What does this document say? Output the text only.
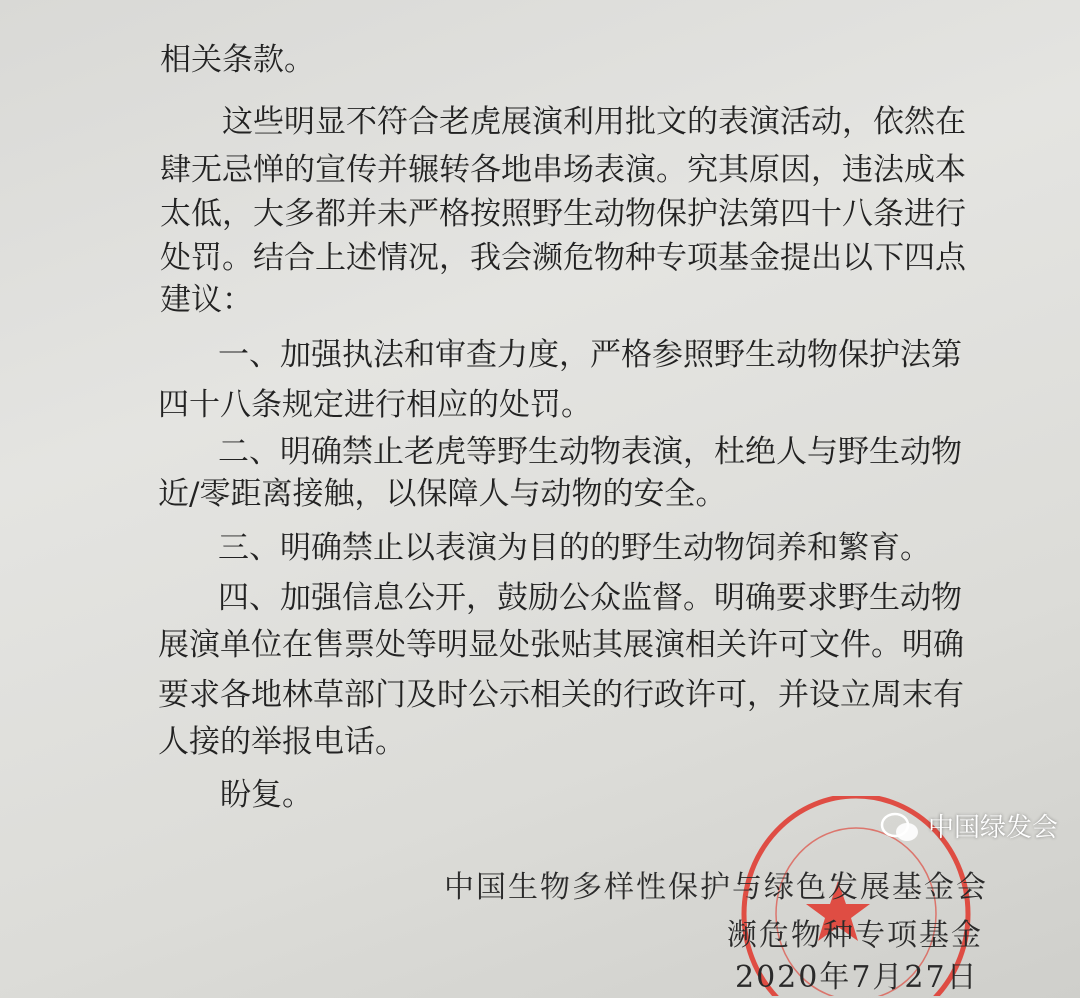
相关条款。
这些明显不符合老虎展演利用批文的表演活动，依然在
肆无忌惮的宣传并辗转各地串场表演。究其原因，违法成本
太低，大多都并未严格按照野生动物保护法第四十八条进行
处罚。结合上述情况，我会濒危物种专项基金提出以下四点
建议：
一、加强执法和审查力度，严格参照野生动物保护法第
四十八条规定进行相应的处罚。
二、明确禁止老虎等野生动物表演，杜绝人与野生动物
近/零距离接触，以保障人与动物的安全。
三、明确禁止以表演为目的的野生动物饲养和繁育。
四、加强信息公开，鼓励公众监督。明确要求野生动物
展演单位在售票处等明显处张贴其展演相关许可文件。明确
要求各地林草部门及时公示相关的行政许可，并设立周末有
人接的举报电话。
盼复。
中国生物多样性保护与绿色发展基金会
濒危物种专项基金
2020年7月27日
中国绿发会
